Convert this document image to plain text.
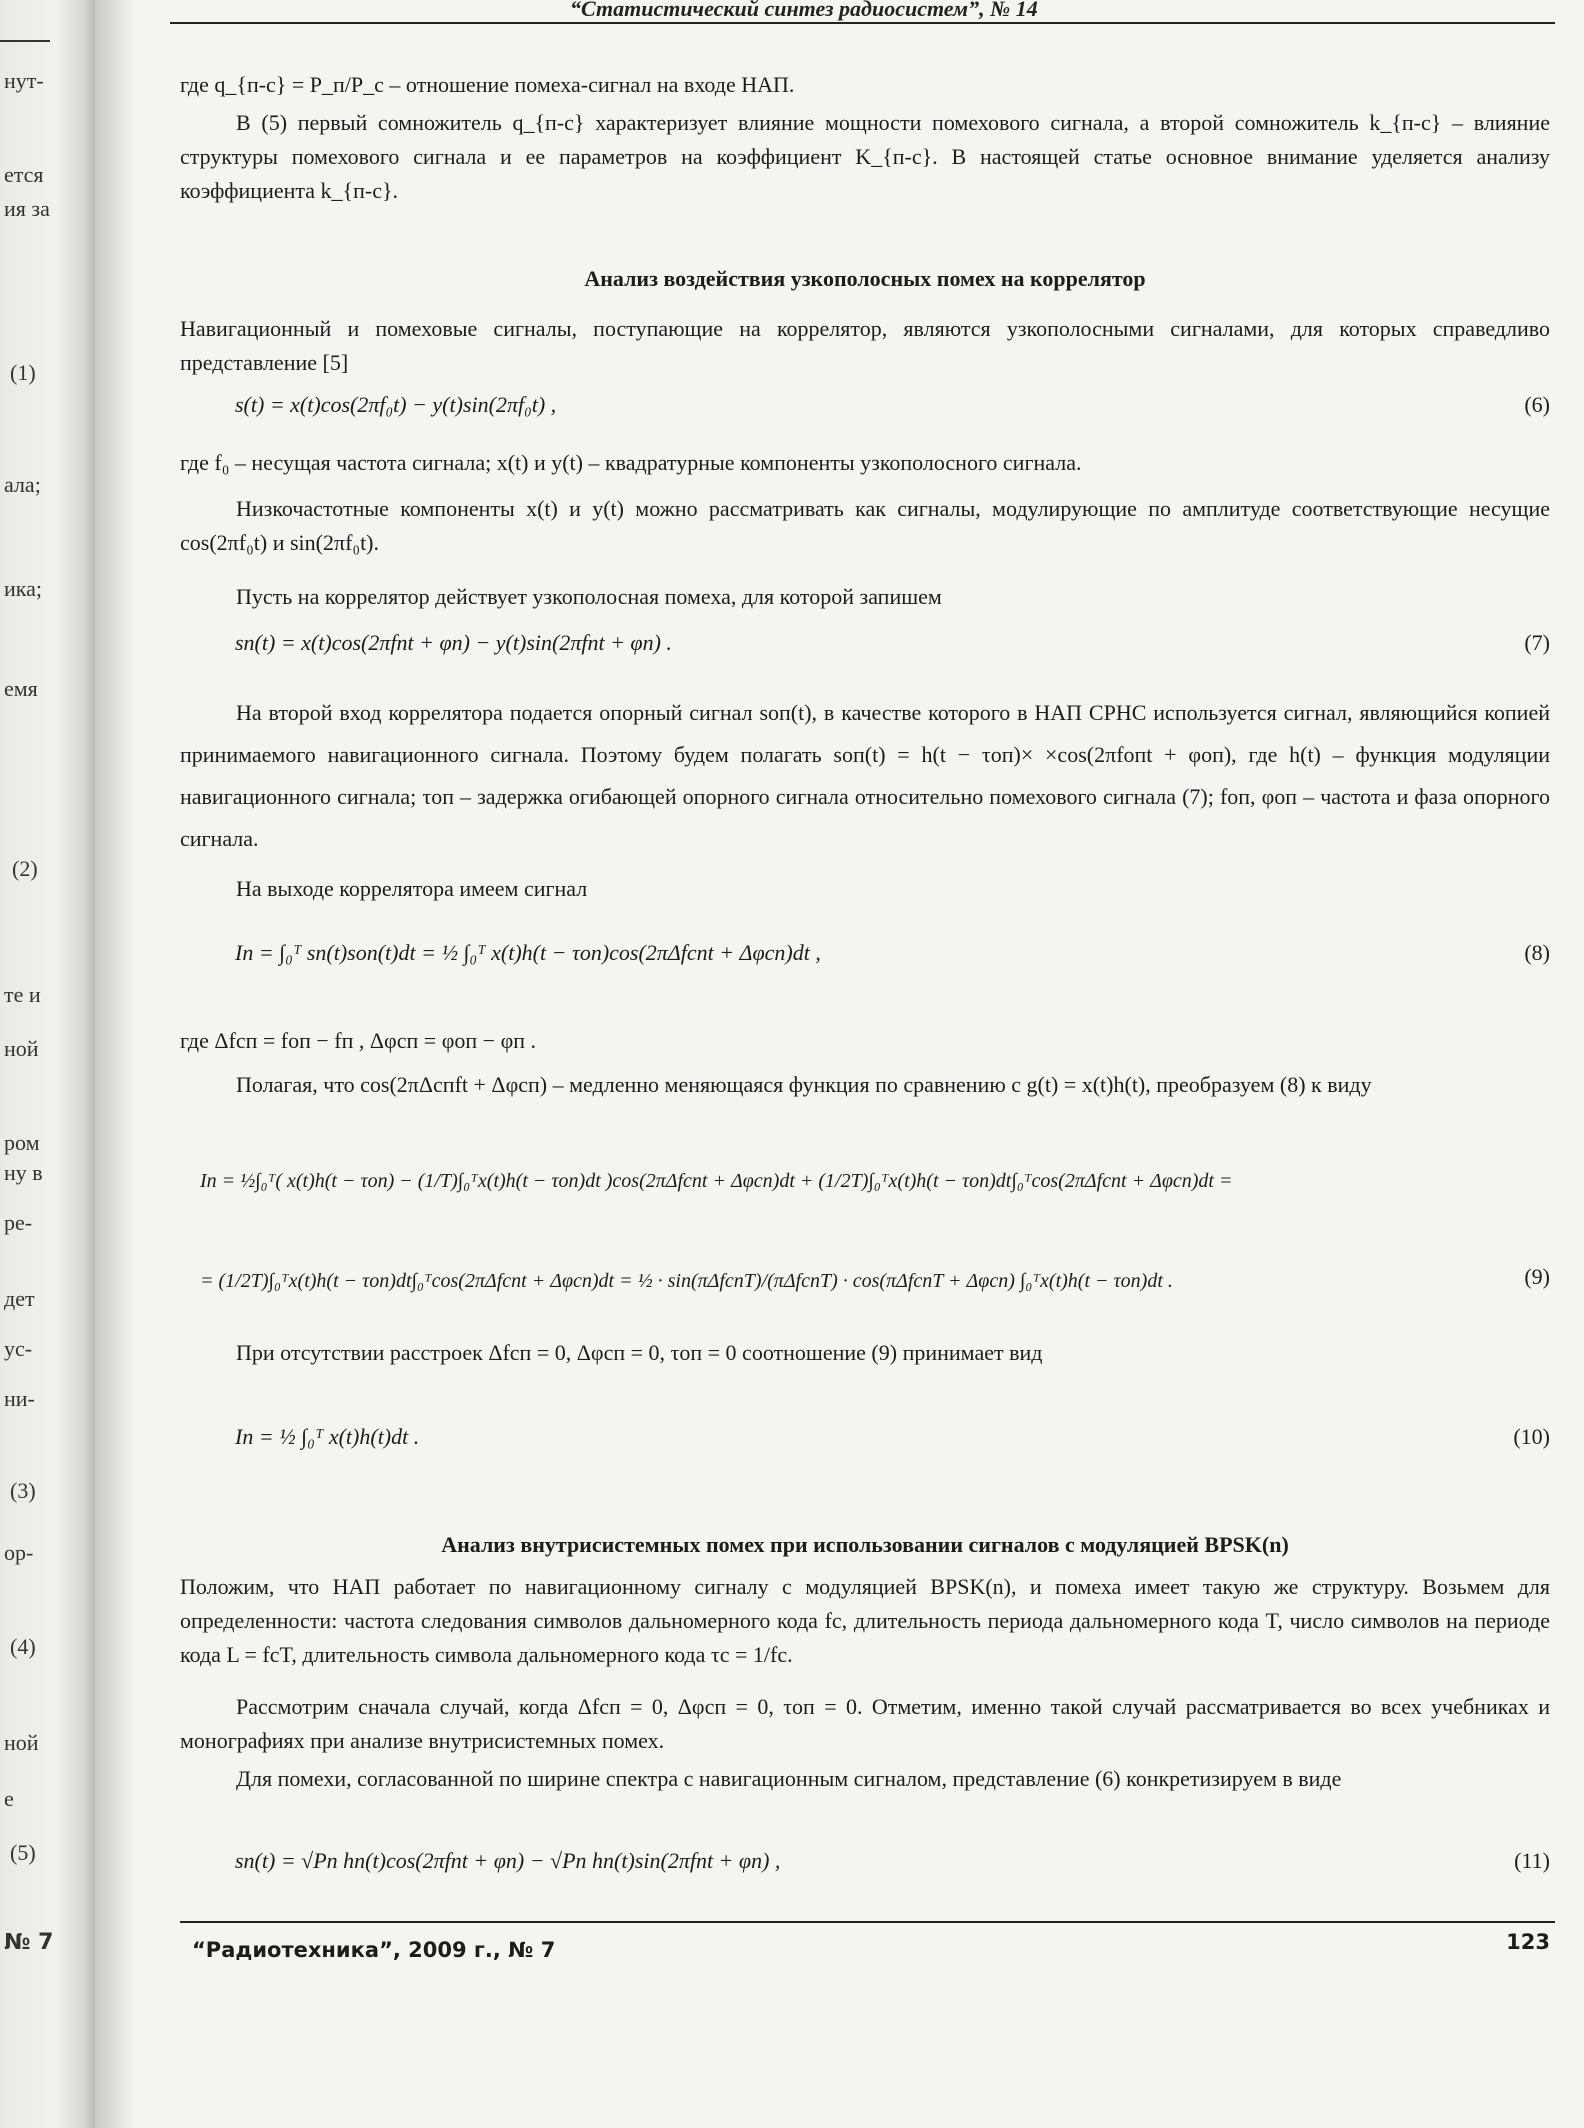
нут-
ется
ия за
(1)
ала;
ика;
емя
(2)
те и
ной
ром
ну в
ре-
дет
ус-
ни-
(3)
ор-
(4)
ной
е
(5)
№ 7
“Статистический синтез радиосистем”, № 14
где q_{п-с} = P_п/P_с – отношение помеха-сигнал на входе НАП.
В (5) первый сомножитель q_{п-с} характеризует влияние мощности помехового сигнала, а второй сомножитель k_{п-с} – влияние структуры помехового сигнала и ее параметров на коэффициент K_{п-с}. В настоящей статье основное внимание уделяется анализу коэффициента k_{п-с}.
Анализ воздействия узкополосных помех на коррелятор
Навигационный и помеховые сигналы, поступающие на коррелятор, являются узкополосными сигналами, для которых справедливо представление [5]
s(t) = x(t)cos(2πf₀t) − y(t)sin(2πf₀t) ,	(6)
где f₀ – несущая частота сигнала; x(t) и y(t) – квадратурные компоненты узкополосного сигнала.
Низкочастотные компоненты x(t) и y(t) можно рассматривать как сигналы, модулирующие по амплитуде соответствующие несущие cos(2πf₀t) и sin(2πf₀t).
Пусть на коррелятор действует узкополосная помеха, для которой запишем
sп(t) = x(t)cos(2πfпt + φп) − y(t)sin(2πfпt + φп) .	(7)
На второй вход коррелятора подается опорный сигнал sоп(t), в качестве которого в НАП СРНС используется сигнал, являющийся копией принимаемого навигационного сигнала. Поэтому будем полагать sоп(t) = h(t − τоп)× ×cos(2πfопt + φоп), где h(t) – функция модуляции навигационного сигнала; τоп – задержка огибающей опорного сигнала относительно помехового сигнала (7); fоп, φоп – частота и фаза опорного сигнала.
На выходе коррелятора имеем сигнал
Iп = ∫₀ᵀ sп(t)sоп(t)dt = ½ ∫₀ᵀ x(t)h(t − τоп)cos(2πΔfспt + Δφсп)dt ,	(8)
где Δfсп = fоп − fп , Δφсп = φоп − φп .
Полагая, что cos(2πΔспft + Δφсп) – медленно меняющаяся функция по сравнению с g(t) = x(t)h(t), преобразуем (8) к виду
Iп = ½∫₀ᵀ( x(t)h(t − τоп) − (1/T)∫₀ᵀx(t)h(t − τоп)dt )cos(2πΔfспt + Δφсп)dt + (1/2T)∫₀ᵀx(t)h(t − τоп)dt∫₀ᵀcos(2πΔfспt + Δφсп)dt =
= (1/2T)∫₀ᵀx(t)h(t − τоп)dt∫₀ᵀcos(2πΔfспt + Δφсп)dt = ½ · sin(πΔfспT)/(πΔfспT) · cos(πΔfспT + Δφсп) ∫₀ᵀx(t)h(t − τоп)dt .	(9)
При отсутствии расстроек Δfсп = 0, Δφсп = 0, τоп = 0 соотношение (9) принимает вид
Iп = ½ ∫₀ᵀ x(t)h(t)dt .	(10)
Анализ внутрисистемных помех при использовании сигналов с модуляцией BPSK(n)
Положим, что НАП работает по навигационному сигналу с модуляцией BPSK(n), и помеха имеет такую же структуру. Возьмем для определенности: частота следования символов дальномерного кода fс, длительность периода дальномерного кода T, число символов на периоде кода L = fсT, длительность символа дальномерного кода τс = 1/fс.
Рассмотрим сначала случай, когда Δfсп = 0, Δφсп = 0, τоп = 0. Отметим, именно такой случай рассматривается во всех учебниках и монографиях при анализе внутрисистемных помех.
Для помехи, согласованной по ширине спектра с навигационным сигналом, представление (6) конкретизируем в виде
sп(t) = √Pп hп(t)cos(2πfпt + φп) − √Pп hп(t)sin(2πfпt + φп) ,	(11)
“Радиотехника”, 2009 г., № 7	123
